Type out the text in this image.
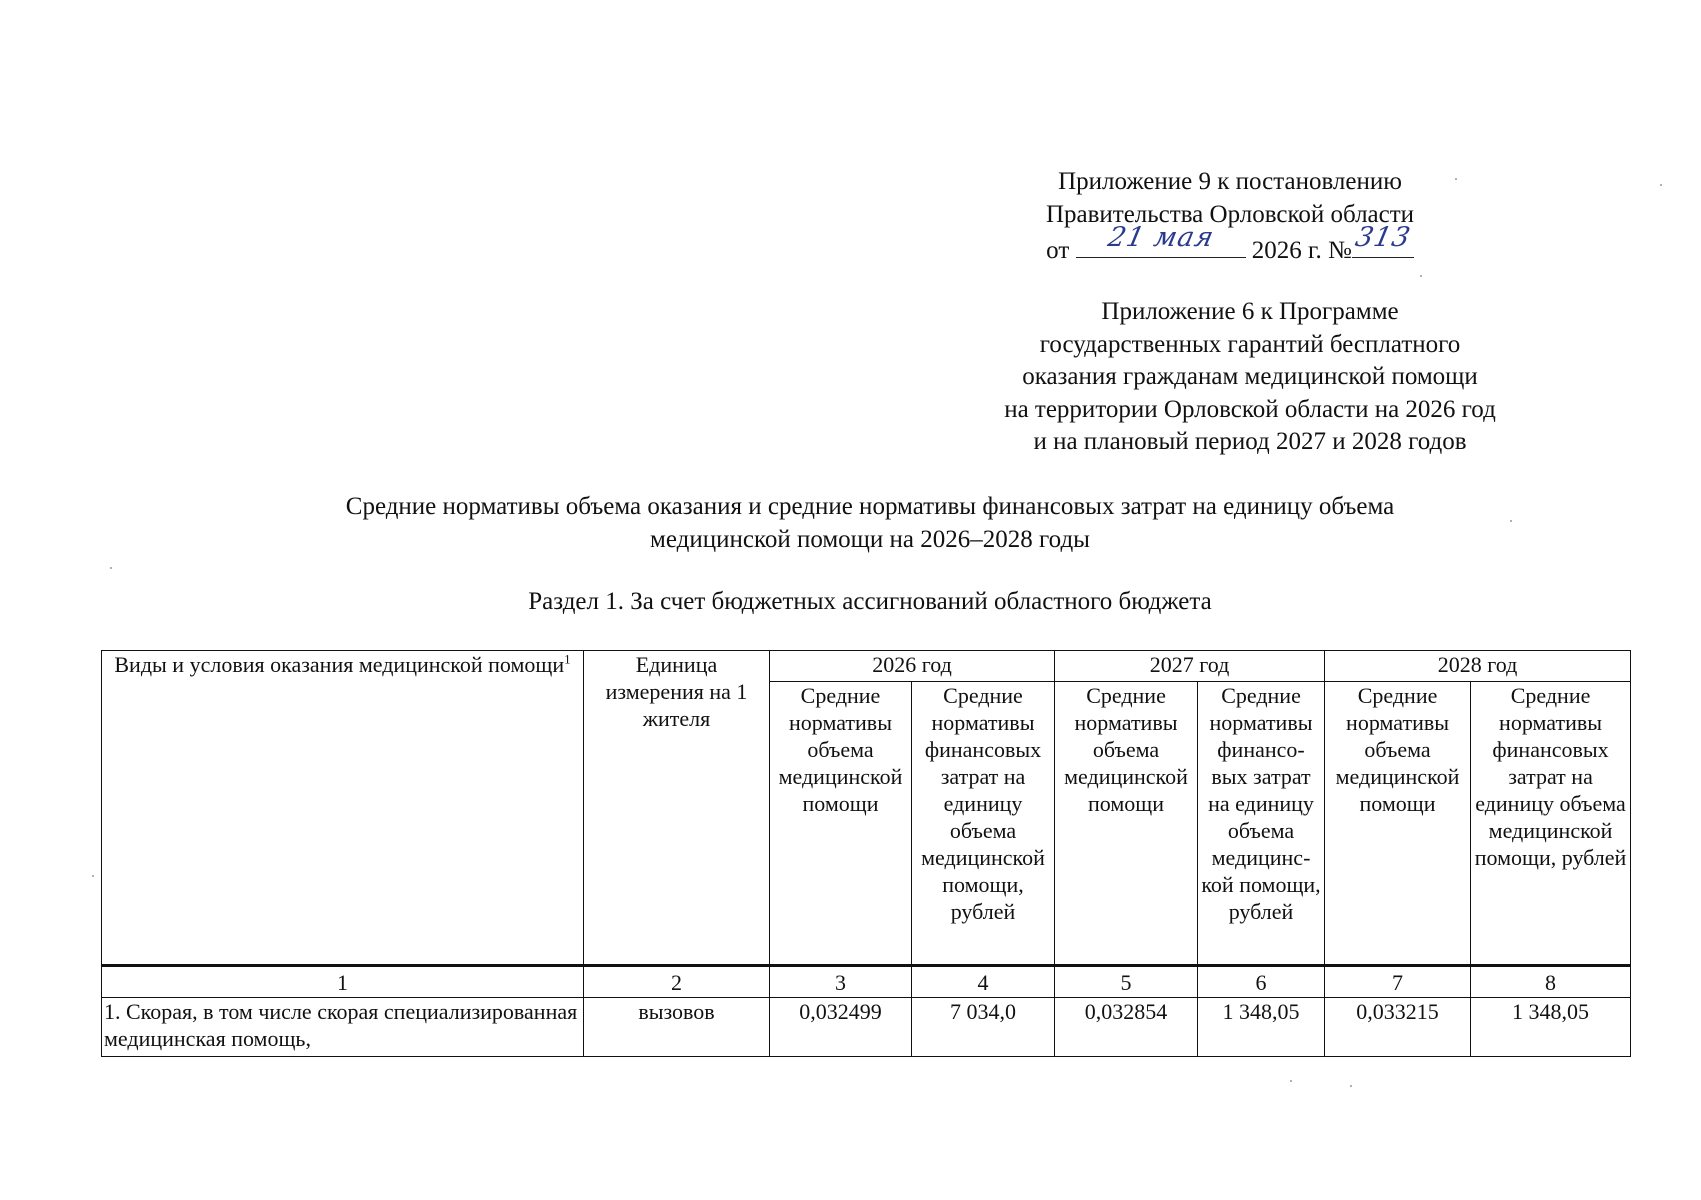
Приложение 9 к постановлению
Правительства Орловской области
от	21 мая	2026 г. № 313
Приложение 6 к Программе
государственных гарантий бесплатного
оказания гражданам медицинской помощи
на территории Орловской области на 2026 год
и на плановый период 2027 и 2028 годов
Средние нормативы объема оказания и средние нормативы финансовых затрат на единицу объема
медицинской помощи на 2026–2028 годы
Раздел 1. За счет бюджетных ассигнований областного бюджета
Виды и условия оказания медицинской помощи$^1$	Единица измерения на 1 жителя	2026 год		2027 год		2028 год	
		Средние нормативы объема медицинской помощи	Средние нормативы финансовых затрат на единицу объема медицинской помощи, рублей	Средние нормативы объема медицинской помощи	Средние нормативы финансо- вых затрат на единицу объема медицинс- кой помощи, рублей	Средние нормативы объема медицинской помощи	Средние нормативы финансовых затрат на единицу объема медицинской помощи, рублей
1	2	3	4	5	6	7	8
1. Скорая, в том числе скорая специализированная медицинская помощь,	вызовов	0,032499	7 034,0	0,032854	1 348,05	0,033215	1 348,05
